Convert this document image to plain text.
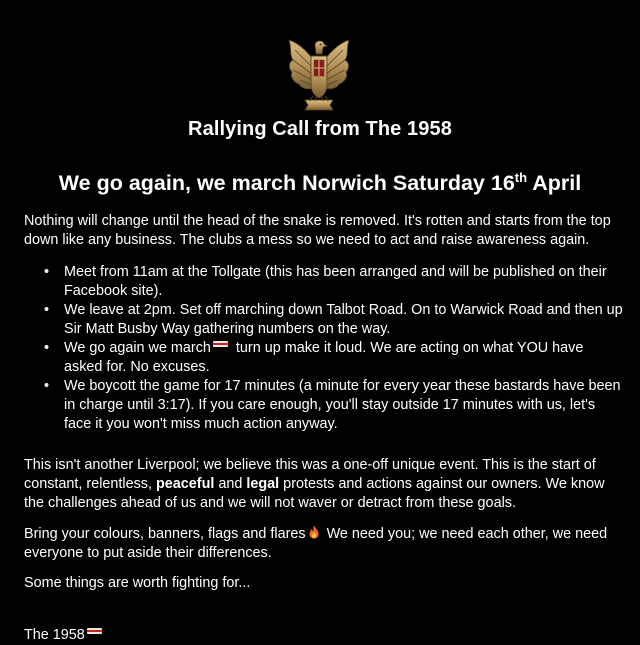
Rallying Call from The 1958
We go again, we march Norwich Saturday 16th April
Nothing will change until the head of the snake is removed. It's rotten and starts from the top down like any business. The clubs a mess so we need to act and raise awareness again.
• Meet from 11am at the Tollgate (this has been arranged and will be published on their Facebook site).
• We leave at 2pm. Set off marching down Talbot Road. On to Warwick Road and then up Sir Matt Busby Way gathering numbers on the way.
• We go again we march turn up make it loud. We are acting on what YOU have asked for. No excuses.
• We boycott the game for 17 minutes (a minute for every year these bastards have been in charge until 3:17). If you care enough, you'll stay outside 17 minutes with us, let's face it you won't miss much action anyway.
This isn't another Liverpool; we believe this was a one-off unique event. This is the start of constant, relentless, peaceful and legal protests and actions against our owners. We know the challenges ahead of us and we will not waver or detract from these goals.
Bring your colours, banners, flags and flares We need you; we need each other, we need everyone to put aside their differences.
Some things are worth fighting for...
The 1958
